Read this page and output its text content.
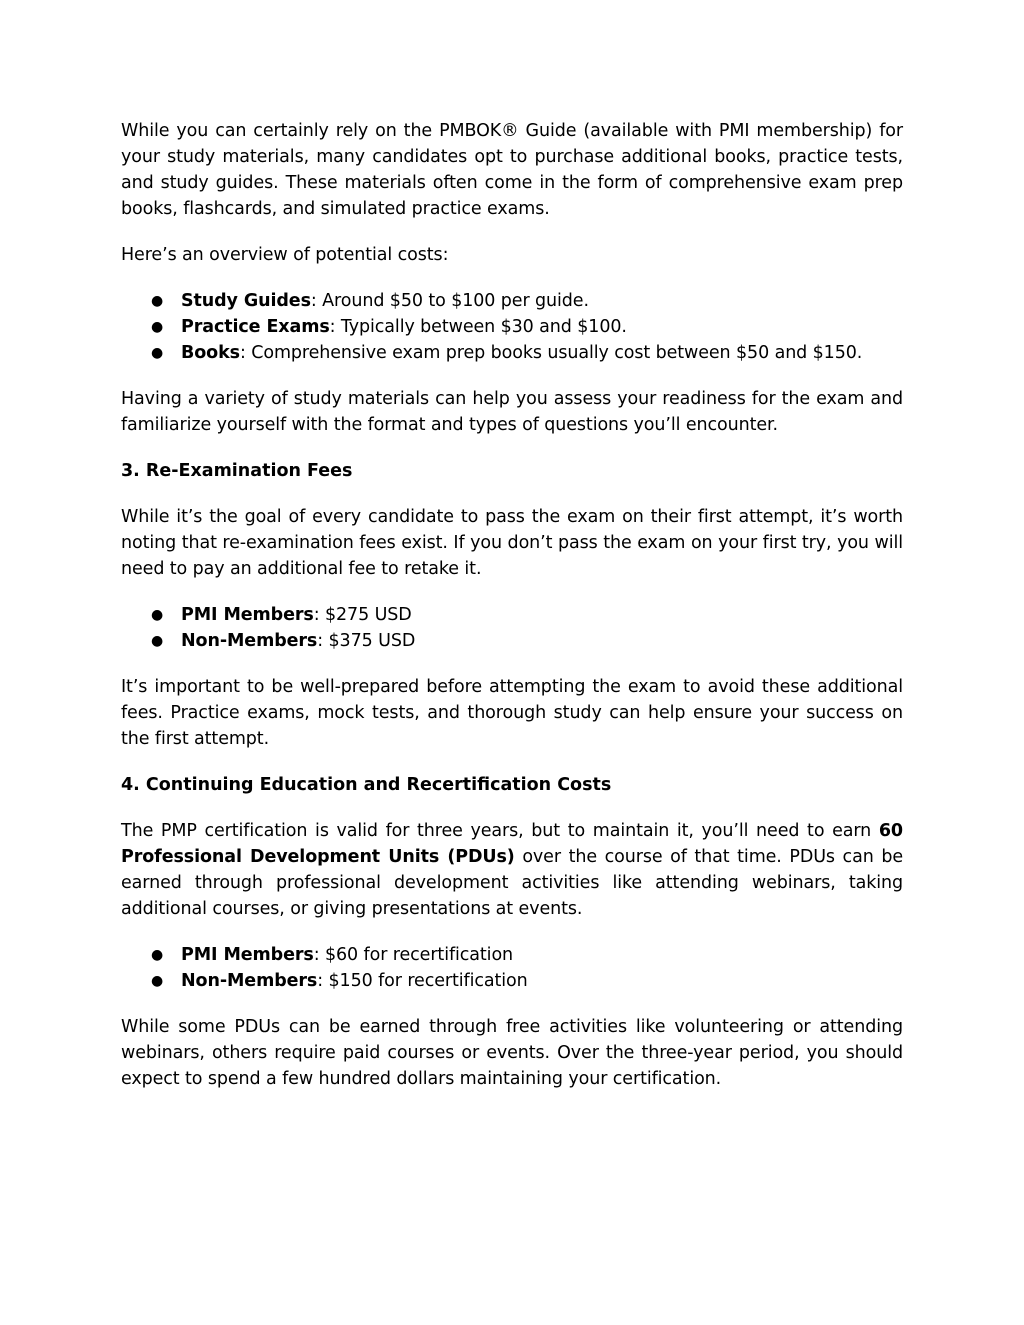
While you can certainly rely on the PMBOK® Guide (available with PMI membership) for your study materials, many candidates opt to purchase additional books, practice tests, and study guides. These materials often come in the form of comprehensive exam prep books, flashcards, and simulated practice exams.

Here’s an overview of potential costs:

● Study Guides: Around $50 to $100 per guide.
● Practice Exams: Typically between $30 and $100.
● Books: Comprehensive exam prep books usually cost between $50 and $150.

Having a variety of study materials can help you assess your readiness for the exam and familiarize yourself with the format and types of questions you’ll encounter.

3. Re-Examination Fees

While it’s the goal of every candidate to pass the exam on their first attempt, it’s worth noting that re-examination fees exist. If you don’t pass the exam on your first try, you will need to pay an additional fee to retake it.

● PMI Members: $275 USD
● Non-Members: $375 USD

It’s important to be well-prepared before attempting the exam to avoid these additional fees. Practice exams, mock tests, and thorough study can help ensure your success on the first attempt.

4. Continuing Education and Recertification Costs

The PMP certification is valid for three years, but to maintain it, you’ll need to earn 60 Professional Development Units (PDUs) over the course of that time. PDUs can be earned through professional development activities like attending webinars, taking additional courses, or giving presentations at events.

● PMI Members: $60 for recertification
● Non-Members: $150 for recertification

While some PDUs can be earned through free activities like volunteering or attending webinars, others require paid courses or events. Over the three-year period, you should expect to spend a few hundred dollars maintaining your certification.
